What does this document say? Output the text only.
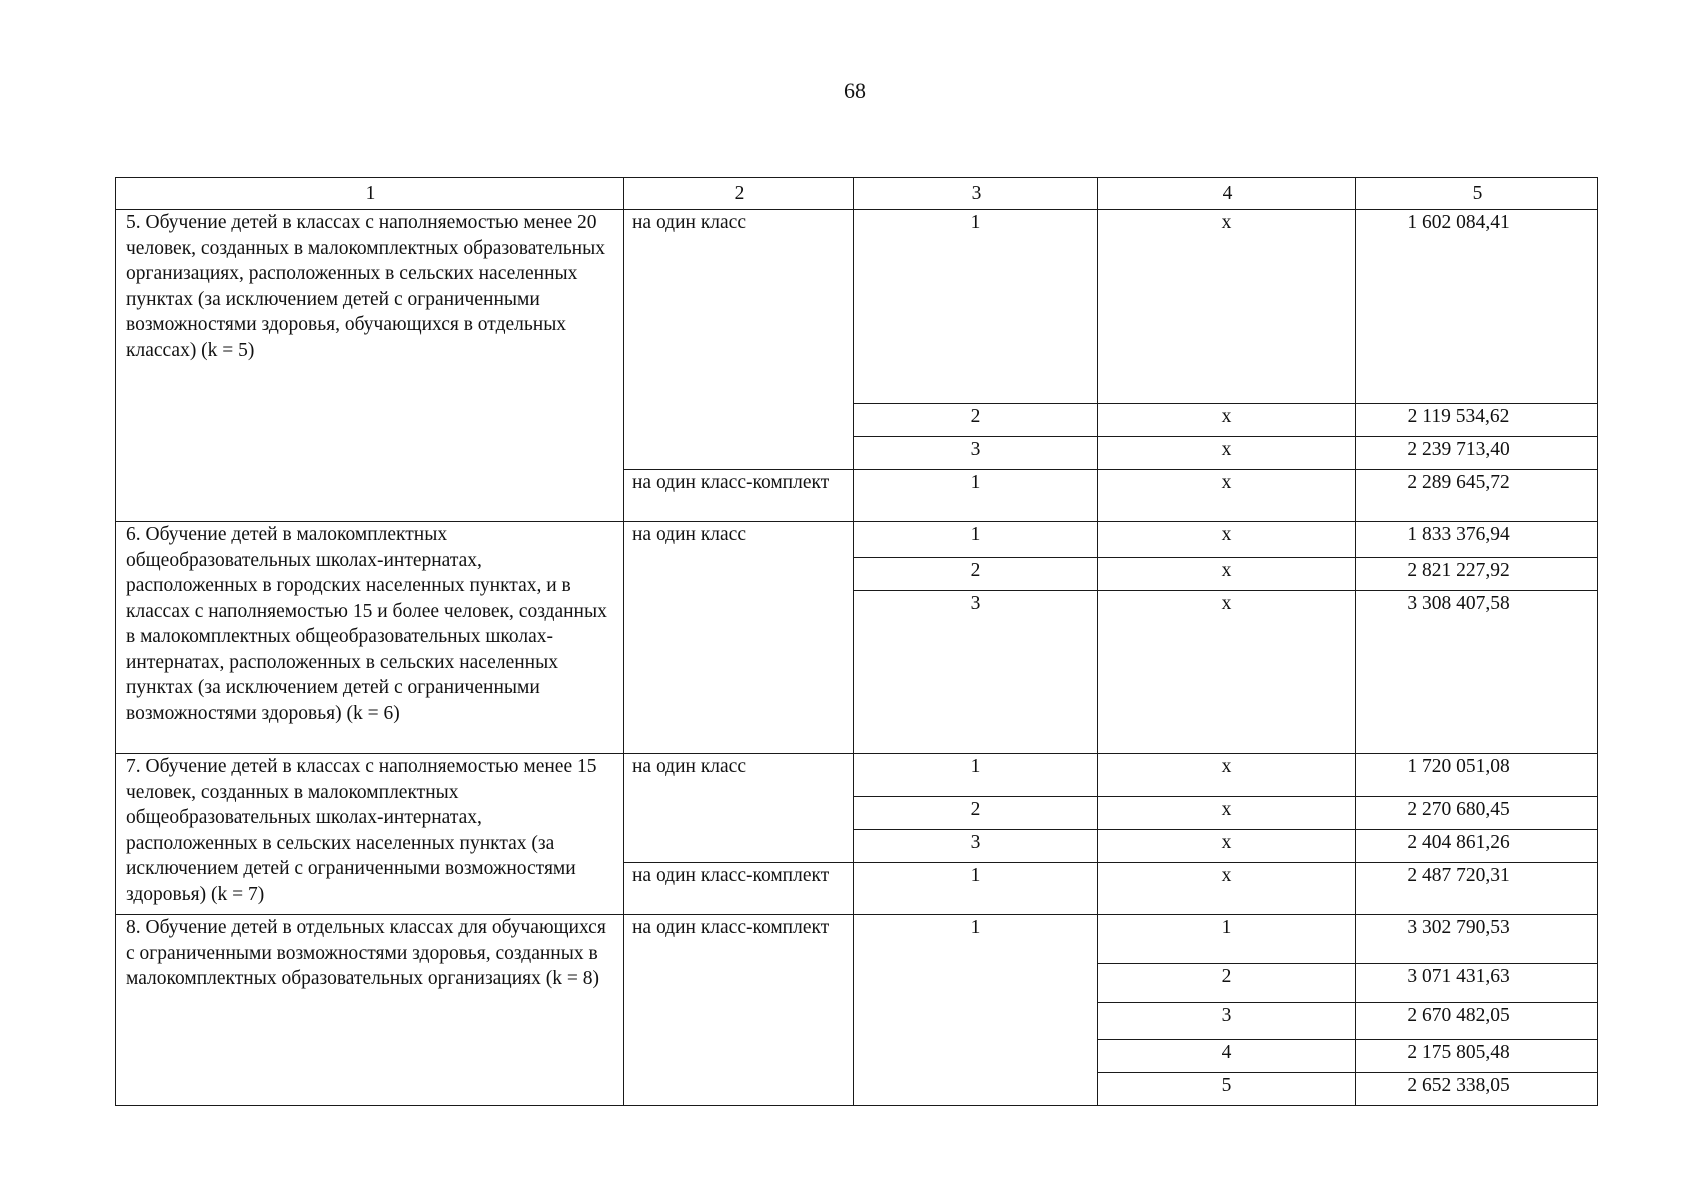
68
1	2	3	4	5
5. Обучение детей в классах с наполняемостью менее 20 человек, созданных в малокомплектных образовательных организациях, расположенных в сельских населенных пунктах (за исключением детей с ограниченными возможностями здоровья, обучающихся в отдельных классах) (k = 5)	на один класс	1	х	1 602 084,41
		2	х	2 119 534,62
		3	х	2 239 713,40
	на один класс-комплект	1	х	2 289 645,72
6. Обучение детей в малокомплектных общеобразовательных школах-интернатах, расположенных в городских населенных пунктах, и в классах с наполняемостью 15 и более человек, созданных в малокомплектных общеобразовательных школах-интернатах, расположенных в сельских населенных пунктах (за исключением детей с ограниченными возможностями здоровья) (k = 6)	на один класс	1	х	1 833 376,94
		2	х	2 821 227,92
		3	х	3 308 407,58
7. Обучение детей в классах с наполняемостью менее 15 человек, созданных в малокомплектных общеобразовательных школах-интернатах, расположенных в сельских населенных пунктах (за исключением детей с ограниченными возможностями здоровья) (k = 7)	на один класс	1	х	1 720 051,08
		2	х	2 270 680,45
		3	х	2 404 861,26
	на один класс-комплект	1	х	2 487 720,31
8. Обучение детей в отдельных классах для обучающихся с ограниченными возможностями здоровья, созданных в малокомплектных образовательных организациях (k = 8)	на один класс-комплект	1	1	3 302 790,53
			2	3 071 431,63
			3	2 670 482,05
			4	2 175 805,48
			5	2 652 338,05
